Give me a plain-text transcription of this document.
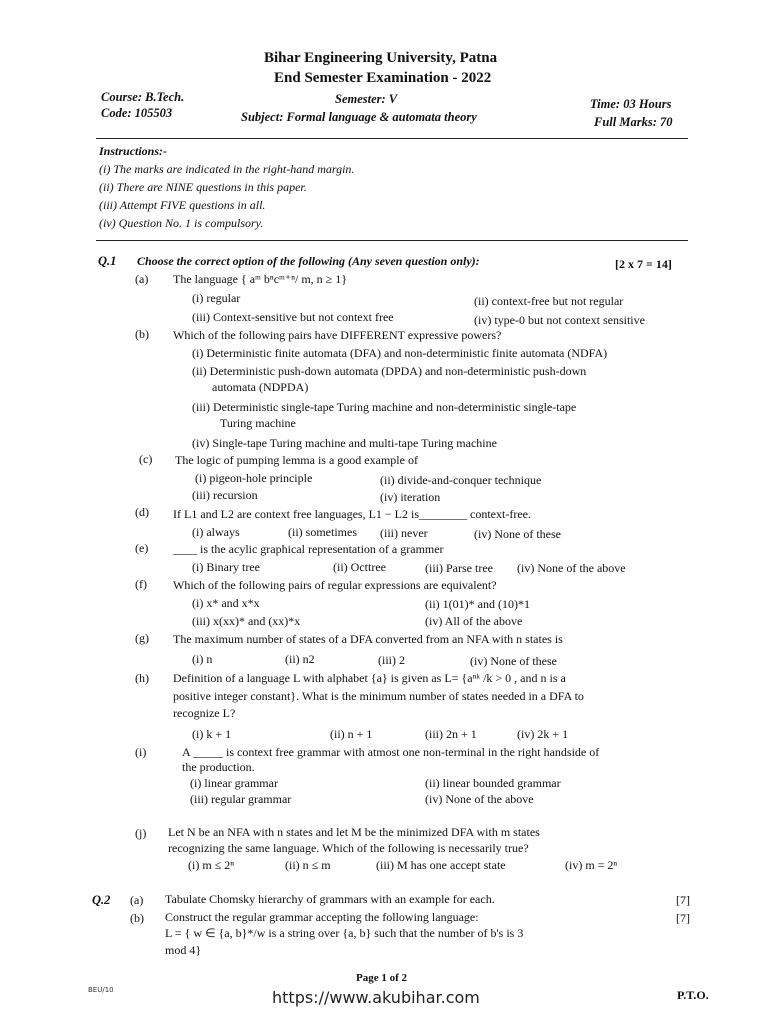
Bihar Engineering University, Patna
End Semester Examination - 2022
Course: B.Tech.
Code: 105503
Semester: V
Subject: Formal language & automata theory
Time: 03 Hours
Full Marks: 70
Instructions:-
(i) The marks are indicated in the right-hand margin.
(ii) There are NINE questions in this paper.
(iii) Attempt FIVE questions in all.
(iv) Question No. 1 is compulsory.
Q.1 Choose the correct option of the following (Any seven question only):	[2 x 7 = 14]
(a) The language { aᵐ bⁿcᵐ⁺ⁿ/ m, n ≥ 1}
(i) regular	(ii) context-free but not regular
(iii) Context-sensitive but not context free	(iv) type-0 but not context sensitive
(b) Which of the following pairs have DIFFERENT expressive powers?
(i) Deterministic finite automata (DFA) and non-deterministic finite automata (NDFA)
(ii) Deterministic push-down automata (DPDA) and non-deterministic push-down
automata (NDPDA)
(iii) Deterministic single-tape Turing machine and non-deterministic single-tape
Turing machine
(iv) Single-tape Turing machine and multi-tape Turing machine
(c) The logic of pumping lemma is a good example of
(i) pigeon-hole principle	(ii) divide-and-conquer technique
(iii) recursion	(iv) iteration
(d) If L1 and L2 are context free languages, L1 − L2 is________ context-free.
(i) always	(ii) sometimes (iii) never	(iv) None of these
(e) ____ is the acylic graphical representation of a grammer
(i) Binary tree	(ii) Octtree	(iii) Parse tree (iv) None of the above
(f) Which of the following pairs of regular expressions are equivalent?
(i) x* and x*x	(ii) 1(01)* and (10)*1
(iii) x(xx)* and (xx)*x	(iv) All of the above
(g) The maximum number of states of a DFA converted from an NFA with n states is
(i) n	(ii) n2	(iii) 2	(iv) None of these
(h) Definition of a language L with alphabet {a} is given as L= {aⁿᵏ /k > 0 , and n is a
positive integer constant}. What is the minimum number of states needed in a DFA to
recognize L?
(i) k + 1	(ii) n + 1	(iii) 2n + 1	(iv) 2k + 1
(i)	A _____ is context free grammar with atmost one non-terminal in the right handside of
the production.
(i) linear grammar	(ii) linear bounded grammar
(iii) regular grammar	(iv) None of the above
(j) Let N be an NFA with n states and let M be the minimized DFA with m states
recognizing the same language. Which of the following is necessarily true?
(i) m ≤ 2ⁿ	(ii) n ≤ m	(iii) M has one accept state	(iv) m = 2ⁿ
Q.2 (a) Tabulate Chomsky hierarchy of grammars with an example for each.	[7]
(b) Construct the regular grammar accepting the following language:	[7]
L = { w ∈ {a, b}*/w is a string over {a, b} such that the number of b's is 3
mod 4}
Page 1 of 2
https://www.akubihar.com	P.T.O.
BEU/10
